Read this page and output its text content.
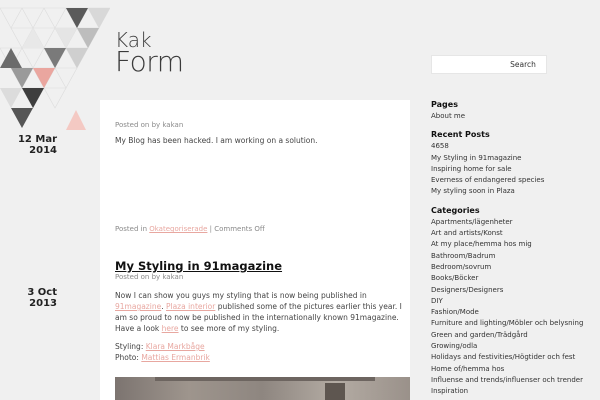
Kak
Form	Search
12 Mar
2014
Posted on by kakan
My Blog has been hacked. I am working on a solution.
Posted in Okategoriserade | Comments Off
3 Oct
2013
My Styling in 91magazine
Posted on by kakan
Now I can show you guys my styling that is now being published in
91magazine. Plaza interior published some of the pictures earlier this year. I
am so proud to now be published in the internationally known 91magazine.
Have a look here to see more of my styling.
Styling: Klara Markbåge
Photo: Mattias Ermanbrik
Pages
About me
Recent Posts
4658
My Styling in 91magazine
Inspiring home for sale
Everness of endangered species
My styling soon in Plaza
Categories
Apartments/lägenheter
Art and artists/Konst
At my place/hemma hos mig
Bathroom/Badrum
Bedroom/sovrum
Books/Böcker
Designers/Designers
DIY
Fashion/Mode
Furniture and lighting/Möbler och belysning
Green and garden/Trädgård
Growing/odla
Holidays and festivities/Högtider och fest
Home of/hemma hos
Influense and trends/influenser och trender
Inspiration
